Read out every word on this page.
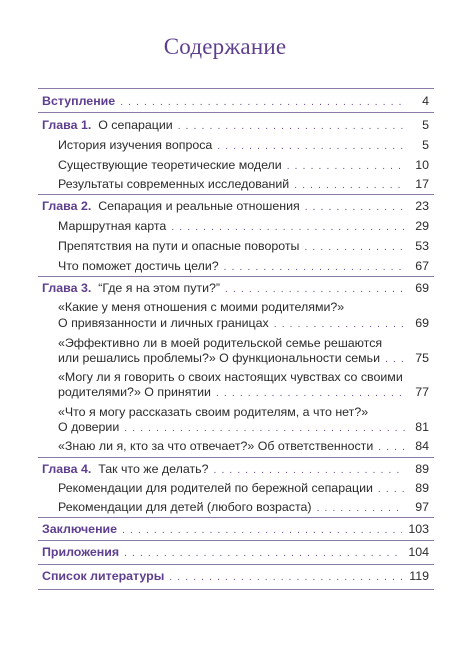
Содержание
Вступление . . .	4
Глава 1. О сепарации . . .	5
История изучения вопроса . . .	5
Существующие теоретические модели . . .	10
Результаты современных исследований . . .	17
Глава 2. Сепарация и реальные отношения . . .	23
Маршрутная карта . . .	29
Препятствия на пути и опасные повороты . . .	53
Что поможет достичь цели? . . .	67
Глава 3. “Где я на этом пути?” . . .	69
«Какие у меня отношения с моими родителями?»
О привязанности и личных границах . . .	69
«Эффективно ли в моей родительской семье решаются
или решались проблемы?» О функциональности семьи . . .	75
«Могу ли я говорить о своих настоящих чувствах со своими
родителями?» О принятии . . .	77
«Что я могу рассказать своим родителям, а что нет?»
О доверии . . .	81
«Знаю ли я, кто за что отвечает?» Об ответственности . . .	84
Глава 4. Так что же делать? . . .	89
Рекомендации для родителей по бережной сепарации . . .	89
Рекомендации для детей (любого возраста) . . .	97
Заключение . . .	103
Приложения . . .	104
Список литературы . . .	119
